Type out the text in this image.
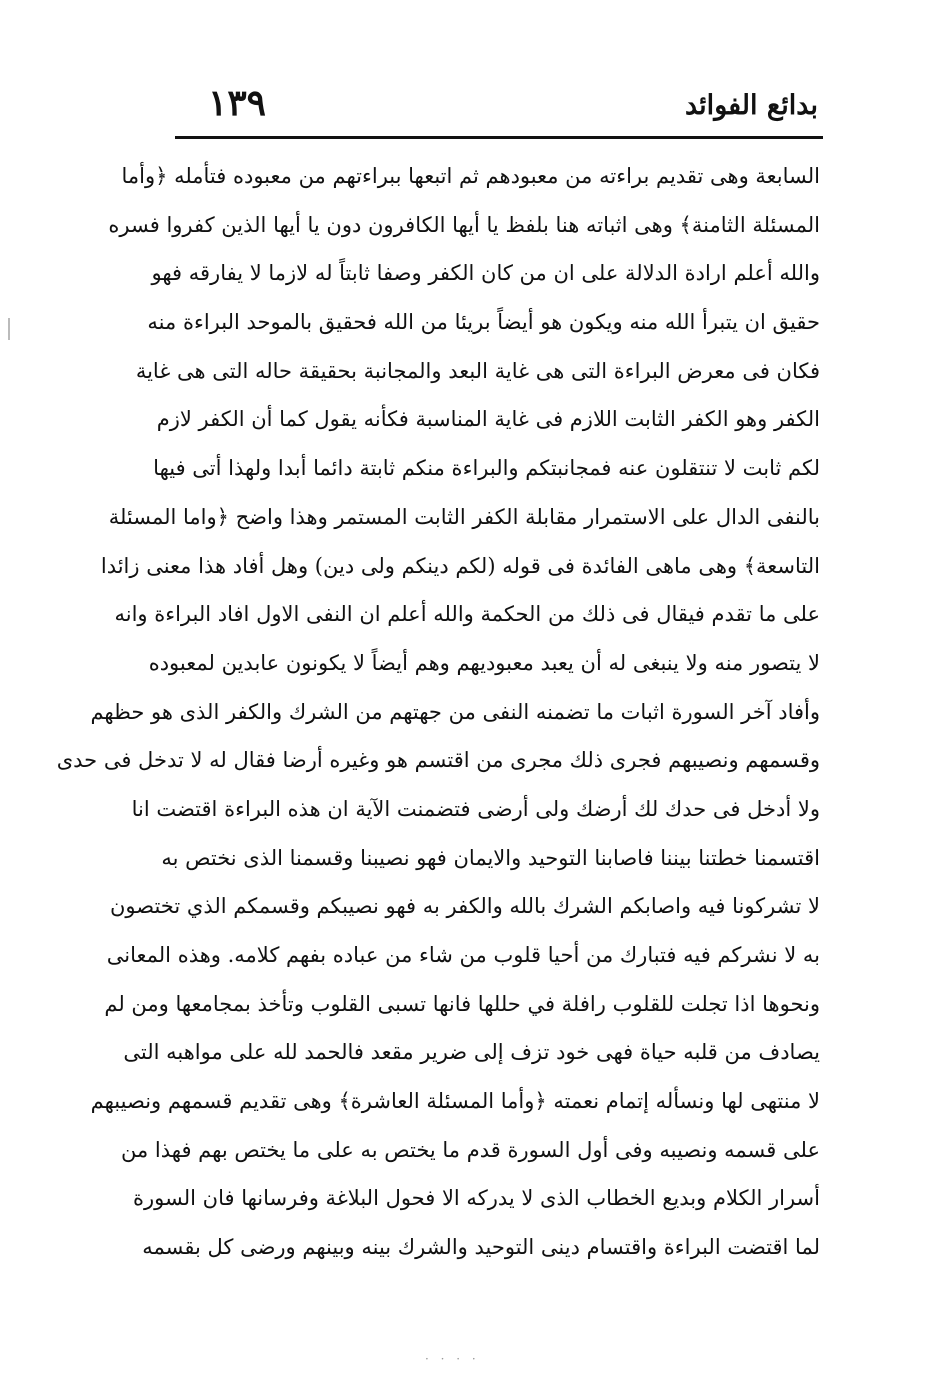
بدائع الفوائد
١٣٩
السابعة وهى تقديم براءته من معبودهم ثم اتبعها ببراءتهم من معبوده فتأمله ﴿وأما
المسئلة الثامنة﴾ وهى اثباته هنا بلفظ يا أيها الكافرون دون يا أيها الذين كفروا فسره
والله أعلم ارادة الدلالة على ان من كان الكفر وصفا ثابتاً له لازما لا يفارقه فهو
حقيق ان يتبرأ الله منه ويكون هو أيضاً بريئا من الله فحقيق بالموحد البراءة منه
فكان فى معرض البراءة التى هى غاية البعد والمجانبة بحقيقة حاله التى هى غاية
الكفر وهو الكفر الثابت اللازم فى غاية المناسبة فكأنه يقول كما أن الكفر لازم
لكم ثابت لا تنتقلون عنه فمجانبتكم والبراءة منكم ثابتة دائما أبدا ولهذا أتى فيها
بالنفى الدال على الاستمرار مقابلة الكفر الثابت المستمر وهذا واضح ﴿واما المسئلة
التاسعة﴾ وهى ماهى الفائدة فى قوله (لكم دينكم ولى دين) وهل أفاد هذا معنى زائدا
على ما تقدم فيقال فى ذلك من الحكمة والله أعلم ان النفى الاول افاد البراءة وانه
لا يتصور منه ولا ينبغى له أن يعبد معبوديهم وهم أيضاً لا يكونون عابدين لمعبوده
وأفاد آخر السورة اثبات ما تضمنه النفى من جهتهم من الشرك والكفر الذى هو حظهم
وقسمهم ونصيبهم فجرى ذلك مجرى من اقتسم هو وغيره أرضا فقال له لا تدخل فى حدى
ولا أدخل فى حدك لك أرضك ولى أرضى فتضمنت الآية ان هذه البراءة اقتضت انا
اقتسمنا خطتنا بيننا فاصابنا التوحيد والايمان فهو نصيبنا وقسمنا الذى نختص به
لا تشركونا فيه واصابكم الشرك بالله والكفر به فهو نصيبكم وقسمكم الذي تختصون
به لا نشركم فيه فتبارك من أحيا قلوب من شاء من عباده بفهم كلامه. وهذه المعانى
ونحوها اذا تجلت للقلوب رافلة في حللها فانها تسبى القلوب وتأخذ بمجامعها ومن لم
يصادف من قلبه حياة فهى خود تزف إلى ضرير مقعد فالحمد لله على مواهبه التى
لا منتهى لها ونسأله إتمام نعمته ﴿وأما المسئلة العاشرة﴾ وهى تقديم قسمهم ونصيبهم
على قسمه ونصيبه وفى أول السورة قدم ما يختص به على ما يختص بهم فهذا من
أسرار الكلام وبديع الخطاب الذى لا يدركه الا فحول البلاغة وفرسانها فان السورة
لما اقتضت البراءة واقتسام دينى التوحيد والشرك بينه وبينهم ورضى كل بقسمه
· · · ·
